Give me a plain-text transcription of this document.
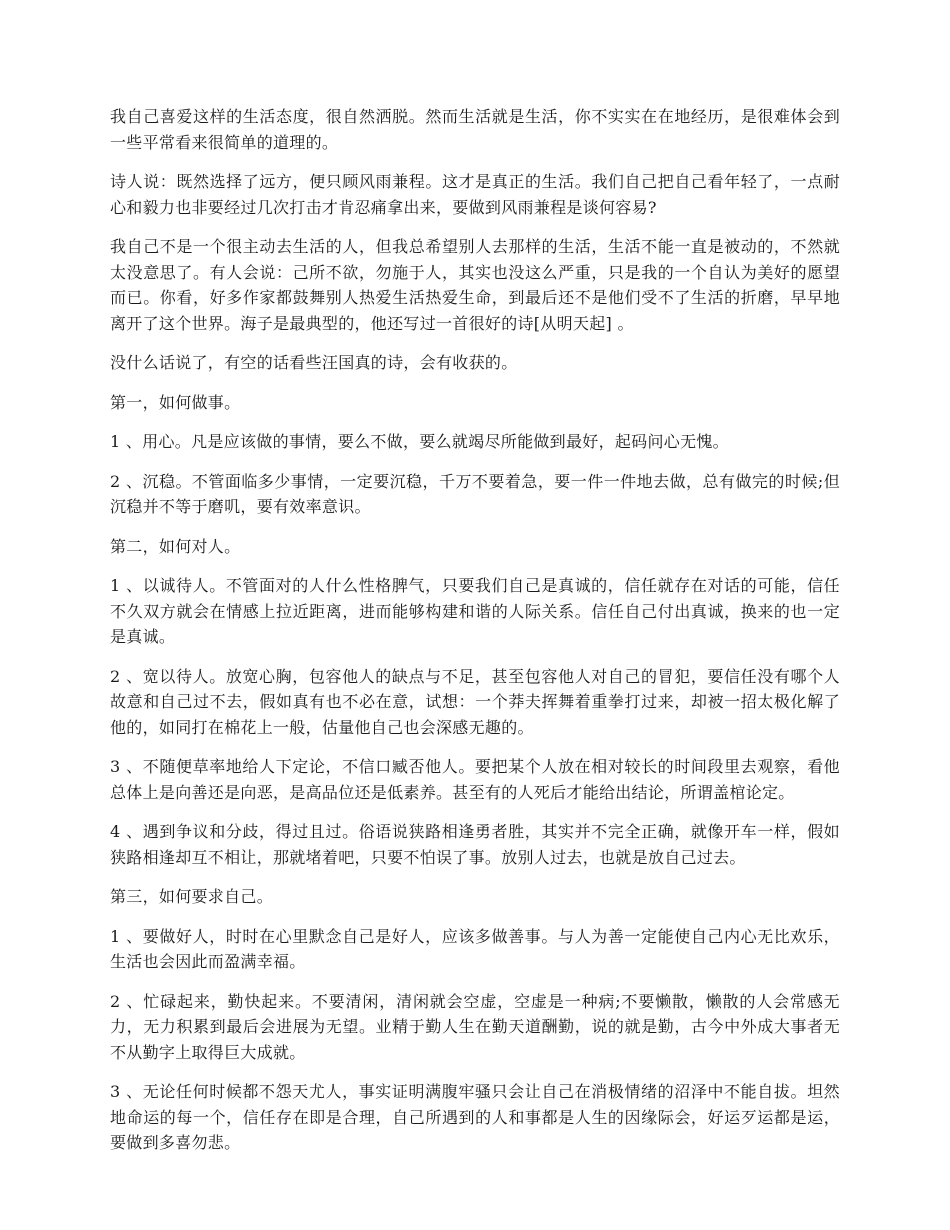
我自己喜爱这样的生活态度，很自然洒脱。然而生活就是生活，你不实实在在地经历，是很难体会到一些平常看来很简单的道理的。

诗人说：既然选择了远方，便只顾风雨兼程。这才是真正的生活。我们自己把自己看年轻了，一点耐心和毅力也非要经过几次打击才肯忍痛拿出来，要做到风雨兼程是谈何容易?

我自己不是一个很主动去生活的人，但我总希望别人去那样的生活，生活不能一直是被动的，不然就太没意思了。有人会说：己所不欲，勿施于人，其实也没这么严重，只是我的一个自认为美好的愿望而已。你看，好多作家都鼓舞别人热爱生活热爱生命，到最后还不是他们受不了生活的折磨，早早地离开了这个世界。海子是最典型的，他还写过一首很好的诗[从明天起] 。

没什么话说了，有空的话看些汪国真的诗，会有收获的。

第一，如何做事。

1 、用心。凡是应该做的事情，要么不做，要么就竭尽所能做到最好，起码问心无愧。

2 、沉稳。不管面临多少事情，一定要沉稳，千万不要着急，要一件一件地去做，总有做完的时候;但沉稳并不等于磨叽，要有效率意识。

第二，如何对人。

1 、以诚待人。不管面对的人什么性格脾气，只要我们自己是真诚的，信任就存在对话的可能，信任不久双方就会在情感上拉近距离，进而能够构建和谐的人际关系。信任自己付出真诚，换来的也一定是真诚。

2 、宽以待人。放宽心胸，包容他人的缺点与不足，甚至包容他人对自己的冒犯，要信任没有哪个人故意和自己过不去，假如真有也不必在意，试想：一个莽夫挥舞着重拳打过来，却被一招太极化解了他的，如同打在棉花上一般，估量他自己也会深感无趣的。

3 、不随便草率地给人下定论，不信口臧否他人。要把某个人放在相对较长的时间段里去观察，看他总体上是向善还是向恶，是高品位还是低素养。甚至有的人死后才能给出结论，所谓盖棺论定。

4 、遇到争议和分歧，得过且过。俗语说狭路相逢勇者胜，其实并不完全正确，就像开车一样，假如狭路相逢却互不相让，那就堵着吧，只要不怕误了事。放别人过去，也就是放自己过去。

第三，如何要求自己。

1 、要做好人，时时在心里默念自己是好人，应该多做善事。与人为善一定能使自己内心无比欢乐，生活也会因此而盈满幸福。

2 、忙碌起来，勤快起来。不要清闲，清闲就会空虚，空虚是一种病;不要懒散，懒散的人会常感无力，无力积累到最后会进展为无望。业精于勤人生在勤天道酬勤，说的就是勤，古今中外成大事者无不从勤字上取得巨大成就。

3 、无论任何时候都不怨天尤人，事实证明满腹牢骚只会让自己在消极情绪的沼泽中不能自拔。坦然地命运的每一个，信任存在即是合理，自己所遇到的人和事都是人生的因缘际会，好运歹运都是运，要做到多喜勿悲。
